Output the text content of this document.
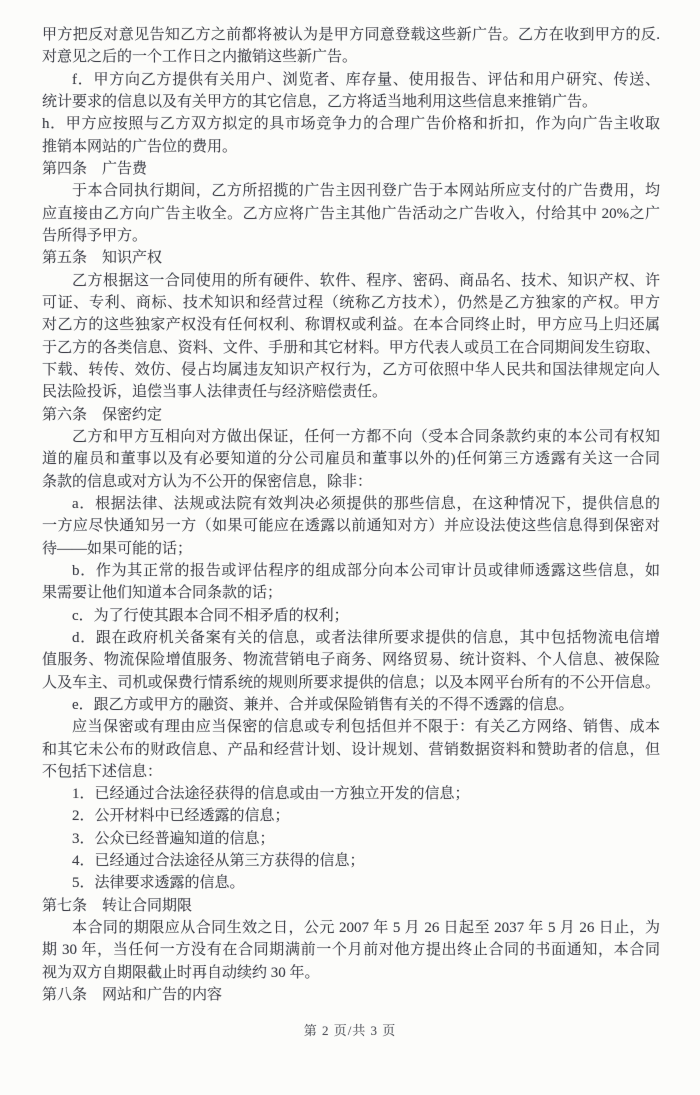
甲方把反对意见告知乙方之前都将被认为是甲方同意登载这些新广告。乙方在收到甲方的反.
对意见之后的一个工作日之内撤销这些新广告。
f．甲方向乙方提供有关用户、浏览者、库存量、使用报告、评估和用户研究、传送、
统计要求的信息以及有关甲方的其它信息，乙方将适当地利用这些信息来推销广告。
h．甲方应按照与乙方双方拟定的具市场竞争力的合理广告价格和折扣，作为向广告主收取
推销本网站的广告位的费用。
第四条　广告费
于本合同执行期间，乙方所招揽的广告主因刊登广告于本网站所应支付的广告费用，均
应直接由乙方向广告主收全。乙方应将广告主其他广告活动之广告收入，付给其中 20%之广
告所得予甲方。
第五条　知识产权
乙方根据这一合同使用的所有硬件、软件、程序、密码、商品名、技术、知识产权、许
可证、专利、商标、技术知识和经营过程（统称乙方技术），仍然是乙方独家的产权。甲方
对乙方的这些独家产权没有任何权利、称谓权或利益。在本合同终止时，甲方应马上归还属
于乙方的各类信息、资料、文件、手册和其它材料。甲方代表人或员工在合同期间发生窃取、
下载、转传、效仿、侵占均属违友知识产权行为，乙方可依照中华人民共和国法律规定向人
民法险投诉，追偿当事人法律责任与经济赔偿责任。
第六条　保密约定
乙方和甲方互相向对方做出保证，任何一方都不向（受本合同条款约束的本公司有权知
道的雇员和董事以及有必要知道的分公司雇员和董事以外的)任何第三方透露有关这一合同
条款的信息或对方认为不公开的保密信息，除非：
a．根据法律、法规或法院有效判决必须提供的那些信息，在这种情况下，提供信息的
一方应尽快通知另一方（如果可能应在透露以前通知对方）并应设法使这些信息得到保密对
待——如果可能的话；
b．作为其正常的报告或评估程序的组成部分向本公司审计员或律师透露这些信息，如
果需要让他们知道本合同条款的话；
c．为了行使其跟本合同不相矛盾的权利；
d．跟在政府机关备案有关的信息，或者法律所要求提供的信息，其中包括物流电信增
值服务、物流保险增值服务、物流营销电子商务、网络贸易、统计资料、个人信息、被保险
人及车主、司机或保费行情系统的规则所要求提供的信息；以及本网平台所有的不公开信息。
e．跟乙方或甲方的融资、兼并、合并或保险销售有关的不得不透露的信息。
应当保密或有理由应当保密的信息或专利包括但并不限于：有关乙方网络、销售、成本
和其它未公布的财政信息、产品和经营计划、设计规划、营销数据资料和赞助者的信息，但
不包括下述信息：
1．已经通过合法途径获得的信息或由一方独立开发的信息；
2．公开材料中已经透露的信息；
3．公众已经普遍知道的信息；
4．已经通过合法途径从第三方获得的信息；
5．法律要求透露的信息。
第七条　转让合同期限
本合同的期限应从合同生效之日，公元 2007 年 5 月 26 日起至 2037 年 5 月 26 日止，为
期 30 年，当任何一方没有在合同期满前一个月前对他方提出终止合同的书面通知，本合同
视为双方自期限截止时再自动续约 30 年。
第八条　网站和广告的内容
第 2 页/共 3 页
